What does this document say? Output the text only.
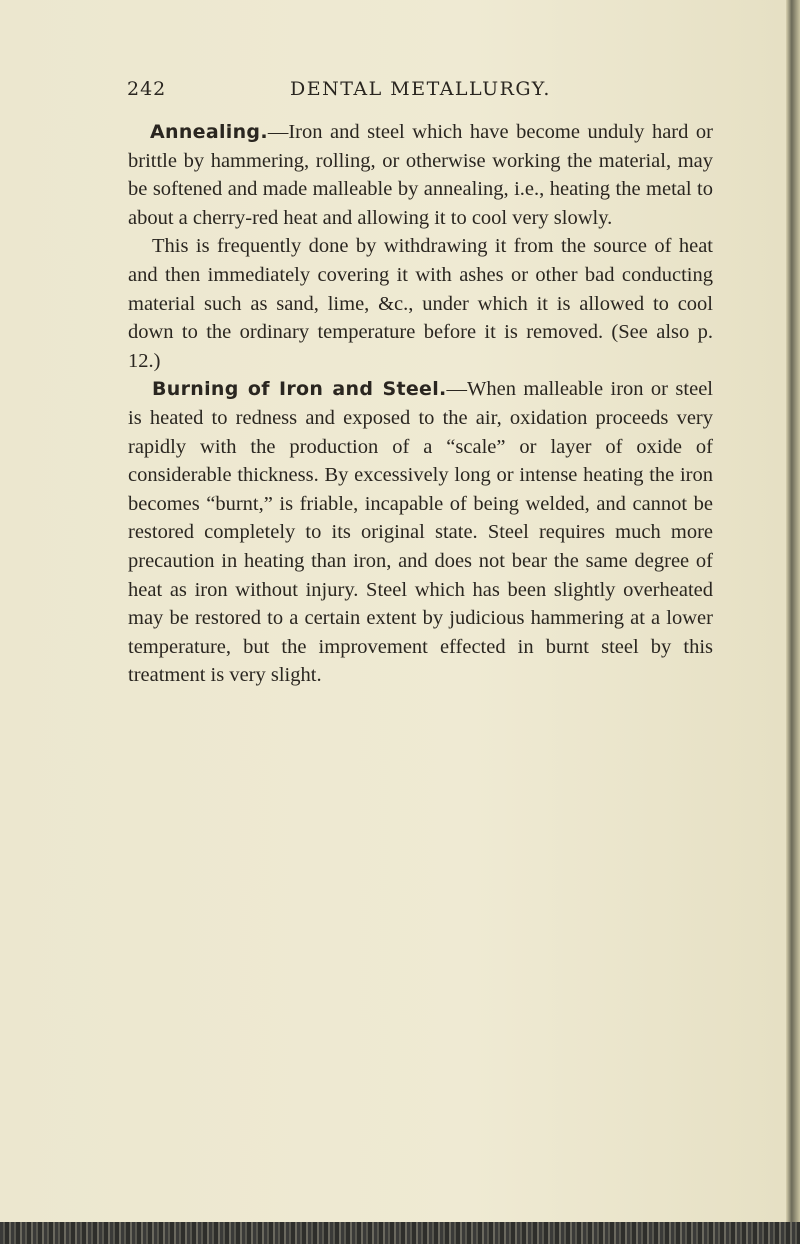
242	DENTAL METALLURGY.

Annealing.—Iron and steel which have become unduly hard or brittle by hammering, rolling, or otherwise working the material, may be softened and made malleable by annealing, i.e., heating the metal to about a cherry-red heat and allowing it to cool very slowly.

This is frequently done by withdrawing it from the source of heat and then immediately covering it with ashes or other bad conducting material such as sand, lime, &c., under which it is allowed to cool down to the ordinary temperature before it is removed. (See also p. 12.)

Burning of Iron and Steel.—When malleable iron or steel is heated to redness and exposed to the air, oxidation proceeds very rapidly with the production of a “scale” or layer of oxide of considerable thickness. By excessively long or intense heating the iron becomes “burnt,” is friable, incapable of being welded, and cannot be restored completely to its original state. Steel requires much more precaution in heating than iron, and does not bear the same degree of heat as iron without injury. Steel which has been slightly overheated may be restored to a certain extent by judicious hammering at a lower temperature, but the improvement effected in burnt steel by this treatment is very slight.
